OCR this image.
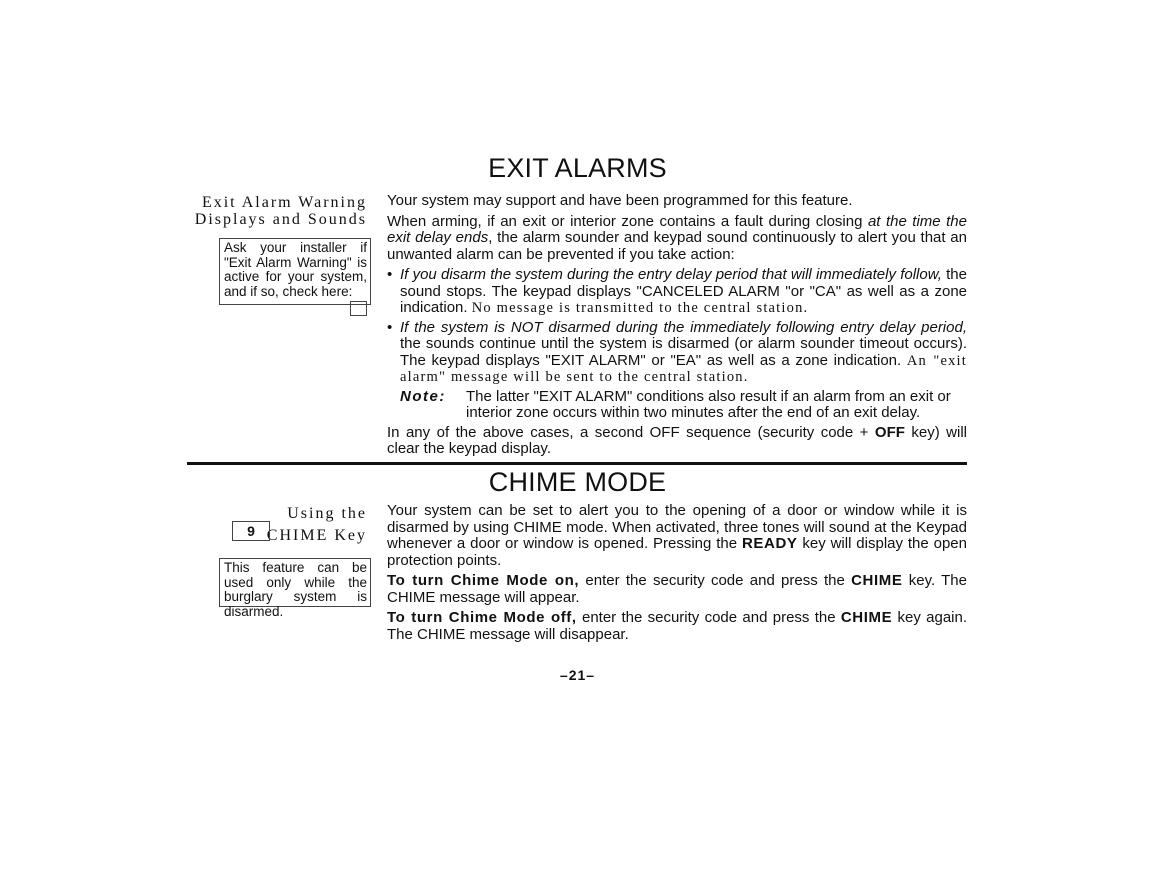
EXIT ALARMS
Exit Alarm Warning
Displays and Sounds
Ask your installer if "Exit Alarm Warning" is active for your system, and if so, check here:

Your system may support and have been programmed for this feature.

When arming, if an exit or interior zone contains a fault during closing at the time the exit delay ends, the alarm sounder and keypad sound continuously to alert you that an unwanted alarm can be prevented if you take action:

• If you disarm the system during the entry delay period that will immediately follow, the sound stops. The keypad displays "CANCELED ALARM "or "CA" as well as a zone indication. No message is transmitted to the central station.
• If the system is NOT disarmed during the immediately following entry delay period, the sounds continue until the system is disarmed (or alarm sounder timeout occurs). The keypad displays "EXIT ALARM" or "EA" as well as a zone indication. An "exit alarm" message will be sent to the central station.
Note: The latter "EXIT ALARM" conditions also result if an alarm from an exit or interior zone occurs within two minutes after the end of an exit delay.

In any of the above cases, a second OFF sequence (security code + OFF key) will clear the keypad display.

CHIME MODE
Using the
CHIME Key
9
This feature can be used only while the burglary system is disarmed.

Your system can be set to alert you to the opening of a door or window while it is disarmed by using CHIME mode. When activated, three tones will sound at the Keypad whenever a door or window is opened. Pressing the READY key will display the open protection points.

To turn Chime Mode on, enter the security code and press the CHIME key. The CHIME message will appear.

To turn Chime Mode off, enter the security code and press the CHIME key again. The CHIME message will disappear.

–21–
